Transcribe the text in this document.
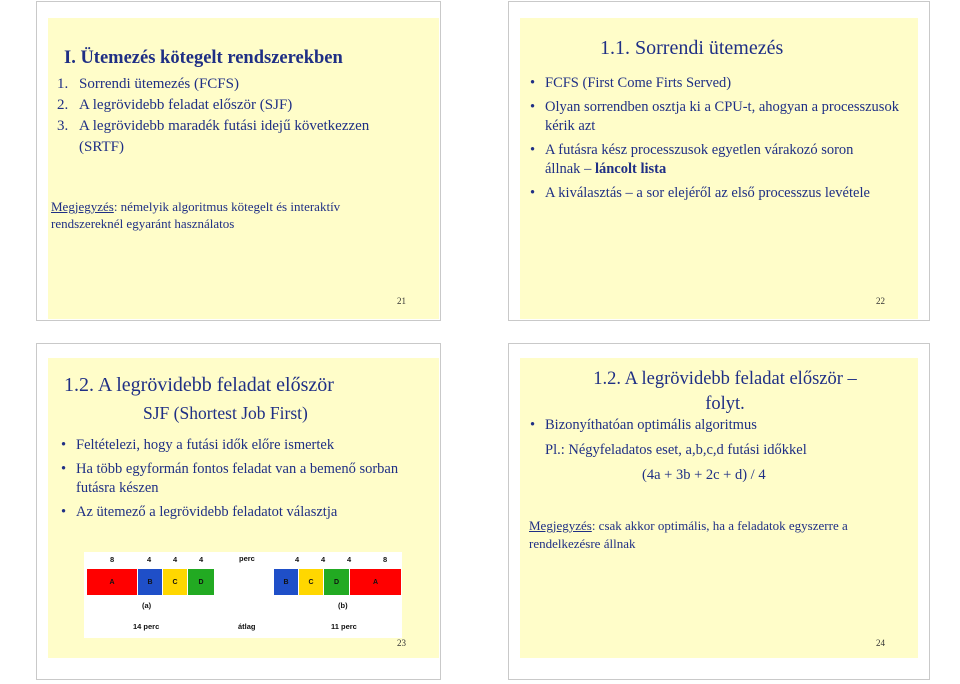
I. Ütemezés kötegelt rendszerekben
1. Sorrendi ütemezés (FCFS)
2. A legrövidebb feladat először (SJF)
3. A legrövidebb maradék futási idejű következzen (SRTF)
Megjegyzés: némelyik algoritmus kötegelt és interaktív rendszereknél egyaránt használatos
21
1.1. Sorrendi ütemezés
• FCFS (First Come Firts Served)
• Olyan sorrendben osztja ki a CPU-t, ahogyan a processzusok kérik azt
• A futásra kész processzusok egyetlen várakozó soron állnak – láncolt lista
• A kiválasztás – a sor elejéről az első processzus levétele
22
1.2. A legrövidebb feladat először
SJF (Shortest Job First)
• Feltételezi, hogy a futási idők előre ismertek
• Ha több egyformán fontos feladat van a bemenő sorban futásra készen
• Az ütemező a legrövidebb feladatot választja
8	4	4	4	perc	4	4	4	8
A	B	C	D	B	C	D	A
(a)	(b)
14 perc	átlag	11 perc
23
1.2. A legrövidebb feladat először –
folyt.
• Bizonyíthatóan optimális algoritmus
Pl.: Négyfeladatos eset, a,b,c,d futási időkkel
(4a + 3b + 2c + d) / 4
Megjegyzés: csak akkor optimális, ha a feladatok egyszerre a rendelkezésre állnak
24
